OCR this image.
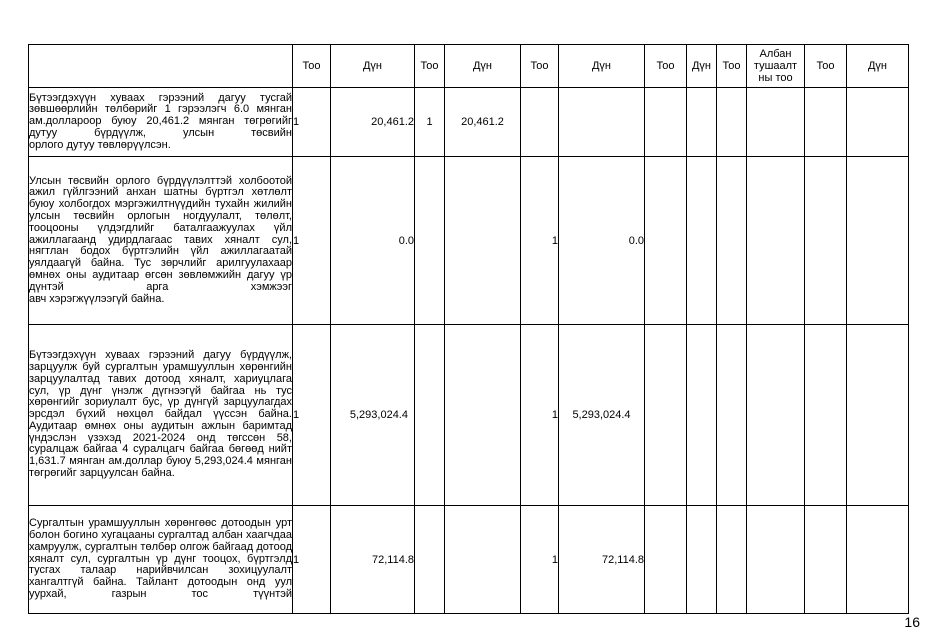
	Тоо	Дүн	Тоо	Дүн	Тоо	Дүн	Тоо	Дүн	Тоо	Албан
тушаалт
ны тоо	Тоо	Дүн
Бүтээгдэхүүн хуваах гэрээний дагуу тусгай зөвшөөрлийн төлбөрийг 1 гэрээлэгч 6.0 мянган ам.доллароор буюу 20,461.2 мянган төгрөгийг дутуу бүрдүүлж, улсын төсвийн
орлого дутуу төвлөрүүлсэн.	1	20,461.2	1	20,461.2								
Улсын төсвийн орлого бүрдүүлэлттэй холбоотой ажил гүйлгээний анхан шатны бүртгэл хөтлөлт буюу холбогдох мэргэжилтнүүдийн тухайн жилийн улсын төсвийн орлогын ногдуулалт, төлөлт, тооцооны үлдэгдлийг баталгаажуулах үйл ажиллагаанд удирдлагаас тавих хяналт сул, нягтлан бодох бүртгэлийн үйл ажиллагаатай уялдаагүй байна. Тус зөрчлийг арилгуулахаар өмнөх оны аудитаар өгсөн зөвлөмжийн дагуу үр дүнтэй арга хэмжээг
авч хэрэгжүүлээгүй байна.	1	0.0			1	0.0						
Бүтээгдэхүүн хуваах гэрээний дагуу бүрдүүлж, зарцуулж буй сургалтын урамшууллын хөрөнгийн зарцуулалтад тавих дотоод хяналт, хариуцлага сул, үр дүнг үнэлж дүгнээгүй байгаа нь тус хөрөнгийг зориулалт бус, үр дүнгүй зарцуулагдах эрсдэл бүхий нөхцөл байдал үүссэн байна. Аудитаар өмнөх оны аудитын ажлын баримтад үндэслэн үзэхэд 2021-2024 онд төгссөн 58, суралцаж байгаа 4 суралцагч байгаа бөгөөд нийт 1,631.7 мянган ам.доллар буюу 5,293,024.4 мянган
төгрөгийг зарцуулсан байна.	1	5,293,024.4			1	5,293,024.4						
Сургалтын урамшууллын хөрөнгөөс дотоодын урт болон богино хугацааны сургалтад албан хаагчдаа хамруулж, сургалтын төлбөр олгож байгаад дотоод хяналт сул, сургалтын үр дүнг тооцох, бүртгэлд тусгах талаар нарийвчилсан зохицуулалт хангалтгүй байна. Тайлант дотоодын онд уул уурхай, газрын тос түүнтэй	1	72,114.8			1	72,114.8						
16
